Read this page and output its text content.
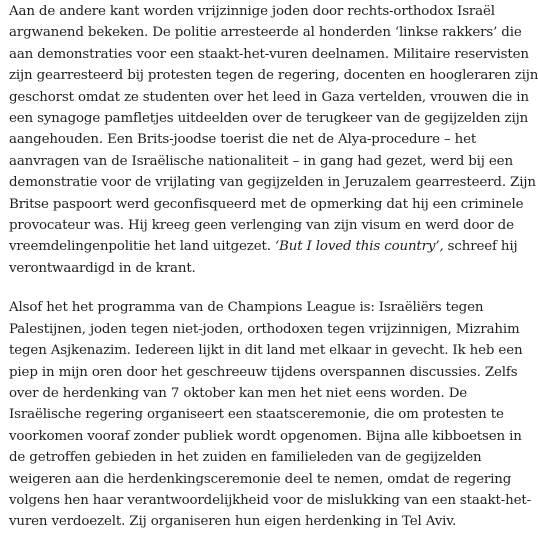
Aan de andere kant worden vrijzinnige joden door rechts-orthodox Israël
argwanend bekeken. De politie arresteerde al honderden ‘linkse rakkers’ die
aan demonstraties voor een staakt-het-vuren deelnamen. Militaire reservisten
zijn gearresteerd bij protesten tegen de regering, docenten en hoogleraren zijn
geschorst omdat ze studenten over het leed in Gaza vertelden, vrouwen die in
een synagoge pamfletjes uitdeelden over de terugkeer van de gegijzelden zijn
aangehouden. Een Brits-joodse toerist die net de Alya-procedure – het
aanvragen van de Israëlische nationaliteit – in gang had gezet, werd bij een
demonstratie voor de vrijlating van gegijzelden in Jeruzalem gearresteerd. Zijn
Britse paspoort werd geconfisqueerd met de opmerking dat hij een criminele
provocateur was. Hij kreeg geen verlenging van zijn visum en werd door de
vreemdelingenpolitie het land uitgezet. ‘But I loved this country’, schreef hij
verontwaardigd in de krant.

Alsof het het programma van de Champions League is: Israëliërs tegen
Palestijnen, joden tegen niet-joden, orthodoxen tegen vrijzinnigen, Mizrahim
tegen Asjkenazim. Iedereen lijkt in dit land met elkaar in gevecht. Ik heb een
piep in mijn oren door het geschreeuw tijdens overspannen discussies. Zelfs
over de herdenking van 7 oktober kan men het niet eens worden. De
Israëlische regering organiseert een staatsceremonie, die om protesten te
voorkomen vooraf zonder publiek wordt opgenomen. Bijna alle kibboetsen in
de getroffen gebieden in het zuiden en familieleden van de gegijzelden
weigeren aan die herdenkingsceremonie deel te nemen, omdat de regering
volgens hen haar verantwoordelijkheid voor de mislukking van een staakt-het-
vuren verdoezelt. Zij organiseren hun eigen herdenking in Tel Aviv.
